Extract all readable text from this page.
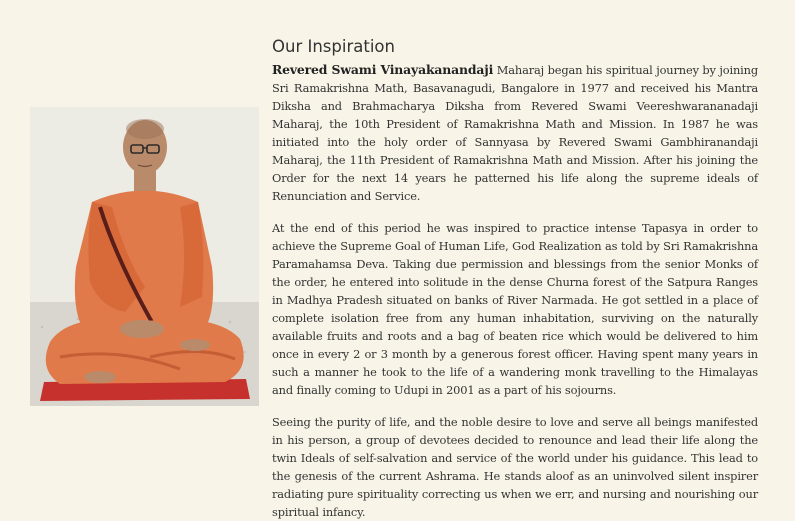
Our Inspiration

Revered Swami Vinayakanandaji Maharaj began his spiritual journey by joining Sri Ramakrishna Math, Basavanagudi, Bangalore in 1977 and received his Mantra Diksha and Brahmacharya Diksha from Revered Swami Veereshwarananadaji Maharaj, the 10th President of Ramakrishna Math and Mission. In 1987 he was initiated into the holy order of Sannyasa by Revered Swami Gambhiranandaji Maharaj, the 11th President of Ramakrishna Math and Mission. After his joining the Order for the next 14 years he patterned his life along the supreme ideals of Renunciation and Service.

At the end of this period he was inspired to practice intense Tapasya in order to achieve the Supreme Goal of Human Life, God Realization as told by Sri Ramakrishna Paramahamsa Deva. Taking due permission and blessings from the senior Monks of the order, he entered into solitude in the dense Churna forest of the Satpura Ranges in Madhya Pradesh situated on banks of River Narmada. He got settled in a place of complete isolation free from any human inhabitation, surviving on the naturally available fruits and roots and a bag of beaten rice which would be delivered to him once in every 2 or 3 month by a generous forest officer. Having spent many years in such a manner he took to the life of a wandering monk travelling to the Himalayas and finally coming to Udupi in 2001 as a part of his sojourns.

Seeing the purity of life, and the noble desire to love and serve all beings manifested in his person, a group of devotees decided to renounce and lead their life along the twin Ideals of self-salvation and service of the world under his guidance. This lead to the genesis of the current Ashrama. He stands aloof as an uninvolved silent inspirer radiating pure spirituality correcting us when we err, and nursing and nourishing our spiritual infancy.
